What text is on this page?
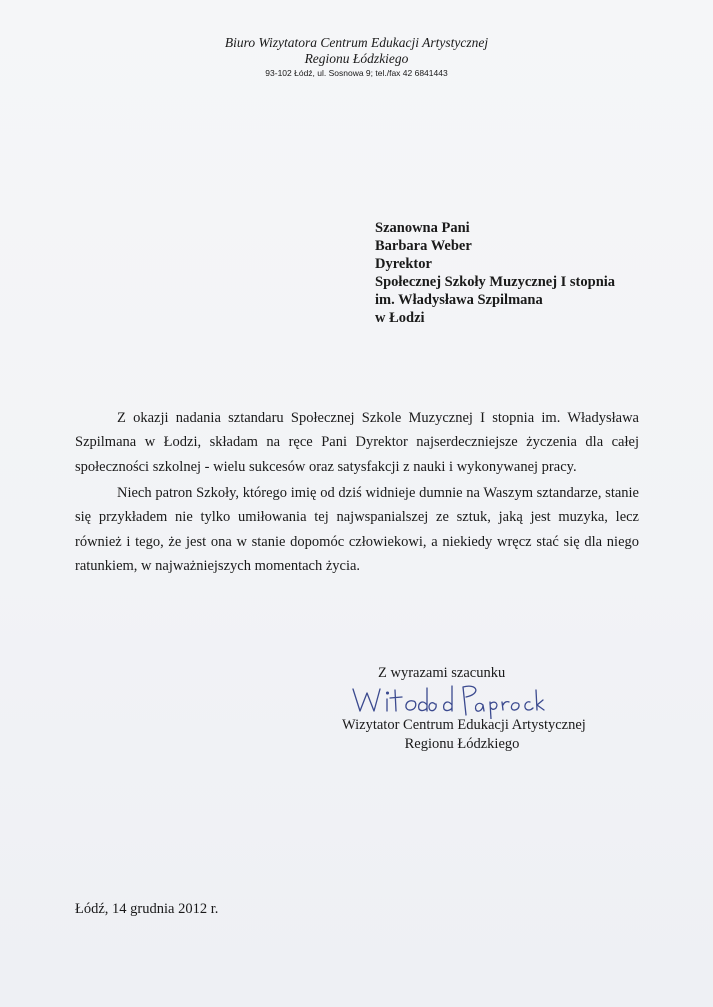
Biuro Wizytatora Centrum Edukacji Artystycznej
Regionu Łódzkiego
93-102 Łódź, ul. Sosnowa 9; tel./fax 42 6841443
Szanowna Pani
Barbara Weber
Dyrektor
Społecznej Szkoły Muzycznej I stopnia
im. Władysława Szpilmana
w Łodzi

Z okazji nadania sztandaru Społecznej Szkole Muzycznej I stopnia im. Władysława Szpilmana w Łodzi, składam na ręce Pani Dyrektor najserdeczniejsze życzenia dla całej społeczności szkolnej - wielu sukcesów oraz satysfakcji z nauki i wykonywanej pracy.

Niech patron Szkoły, którego imię od dziś widnieje dumnie na Waszym sztandarze, stanie się przykładem nie tylko umiłowania tej najwspanialszej ze sztuk, jaką jest muzyka, lecz również i tego, że jest ona w stanie dopomóc człowiekowi, a niekiedy wręcz stać się dla niego ratunkiem, w najważniejszych momentach życia.

Z wyrazami szacunku
Wizytator Centrum Edukacji Artystycznej
Regionu Łódzkiego
Łódź, 14 grudnia 2012 r.
